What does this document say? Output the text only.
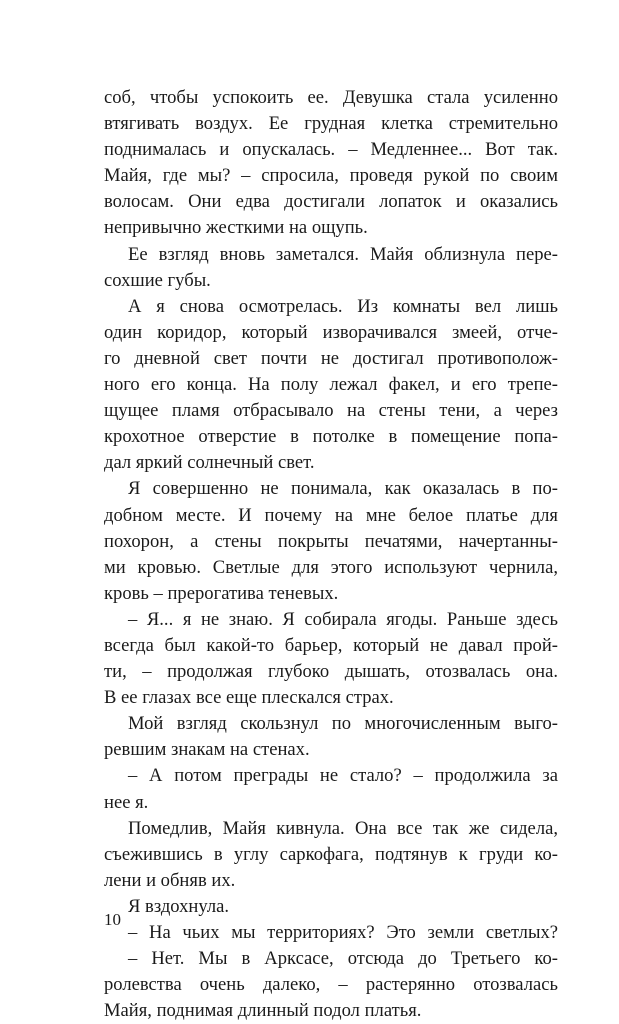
соб, чтобы успокоить ее. Девушка стала усиленно
втягивать воздух. Ее грудная клетка стремительно
поднималась и опускалась. – Медленнее... Вот так.
Майя, где мы? – спросила, проведя рукой по своим
волосам. Они едва достигали лопаток и оказались
непривычно жесткими на ощупь.
Ее взгляд вновь заметался. Майя облизнула пере-
сохшие губы.
А я снова осмотрелась. Из комнаты вел лишь
один коридор, который изворачивался змеей, отче-
го дневной свет почти не достигал противополож-
ного его конца. На полу лежал факел, и его трепе-
щущее пламя отбрасывало на стены тени, а через
крохотное отверстие в потолке в помещение попа-
дал яркий солнечный свет.
Я совершенно не понимала, как оказалась в по-
добном месте. И почему на мне белое платье для
похорон, а стены покрыты печатями, начертанны-
ми кровью. Светлые для этого используют чернила,
кровь – прерогатива теневых.
– Я... я не знаю. Я собирала ягоды. Раньше здесь
всегда был какой-то барьер, который не давал прой-
ти, – продолжая глубоко дышать, отозвалась она.
В ее глазах все еще плескался страх.
Мой взгляд скользнул по многочисленным выго-
ревшим знакам на стенах.
– А потом преграды не стало? – продолжила за
нее я.
Помедлив, Майя кивнула. Она все так же сидела,
съежившись в углу саркофага, подтянув к груди ко-
лени и обняв их.
Я вздохнула.
– На чьих мы территориях? Это земли светлых?
– Нет. Мы в Арксасе, отсюда до Третьего ко-
ролевства очень далеко, – растерянно отозвалась
Майя, поднимая длинный подол платья.
10
